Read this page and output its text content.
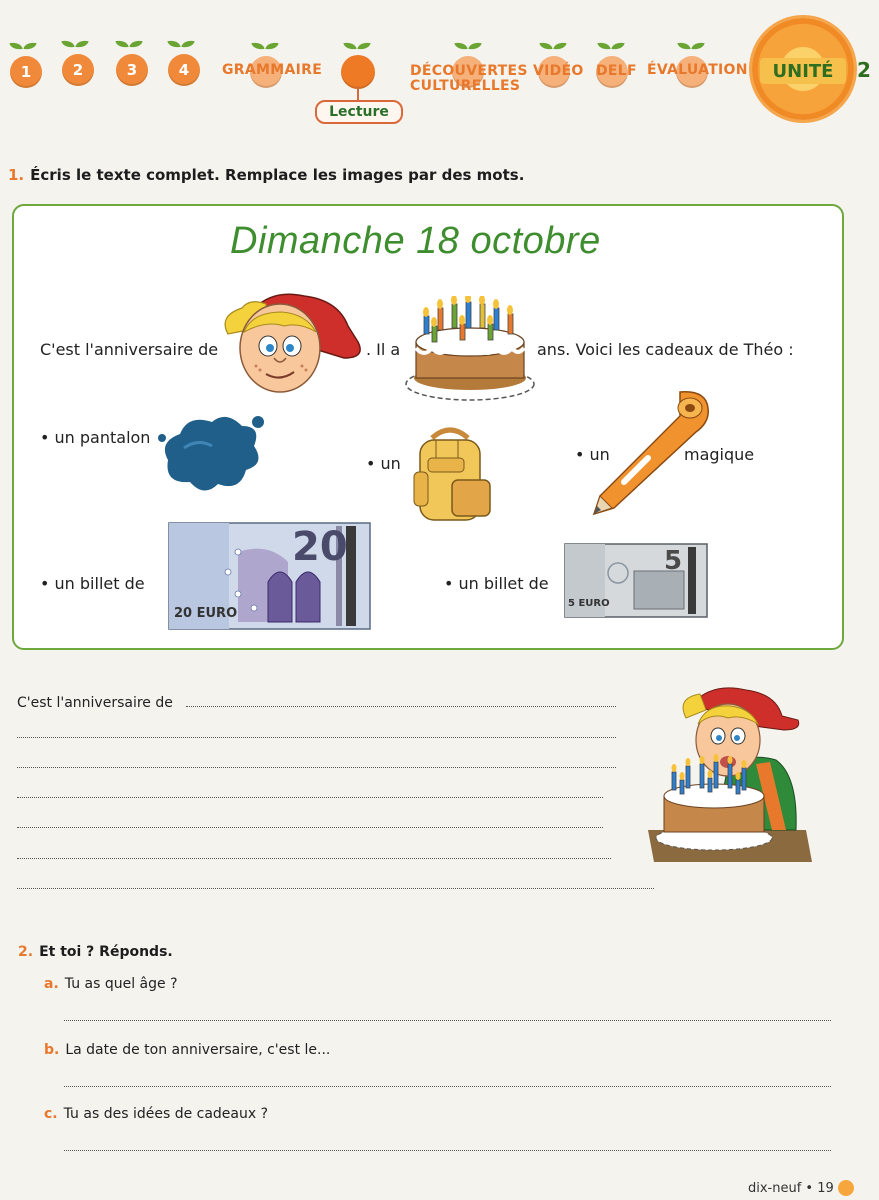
1	2	3	4	GRAMMAIRE
Lecture
DÉCOUVERTES
CULTURELLES
VIDÉO DELF ÉVALUATION	UNITÉ	2
1. Écris le texte complet. Remplace les images par des mots.
Dimanche 18 octobre
C'est l'anniversaire de	. Il a	ans. Voici les cadeaux de Théo :
• un pantalon
• un	• un	magique
• un billet de
20
20 EURO
• un billet de
5
5 EURO
C'est l'anniversaire de
2. Et toi ? Réponds.
a. Tu as quel âge ?
b. La date de ton anniversaire, c'est le...
c. Tu as des idées de cadeaux ?
dix-neuf • 19
